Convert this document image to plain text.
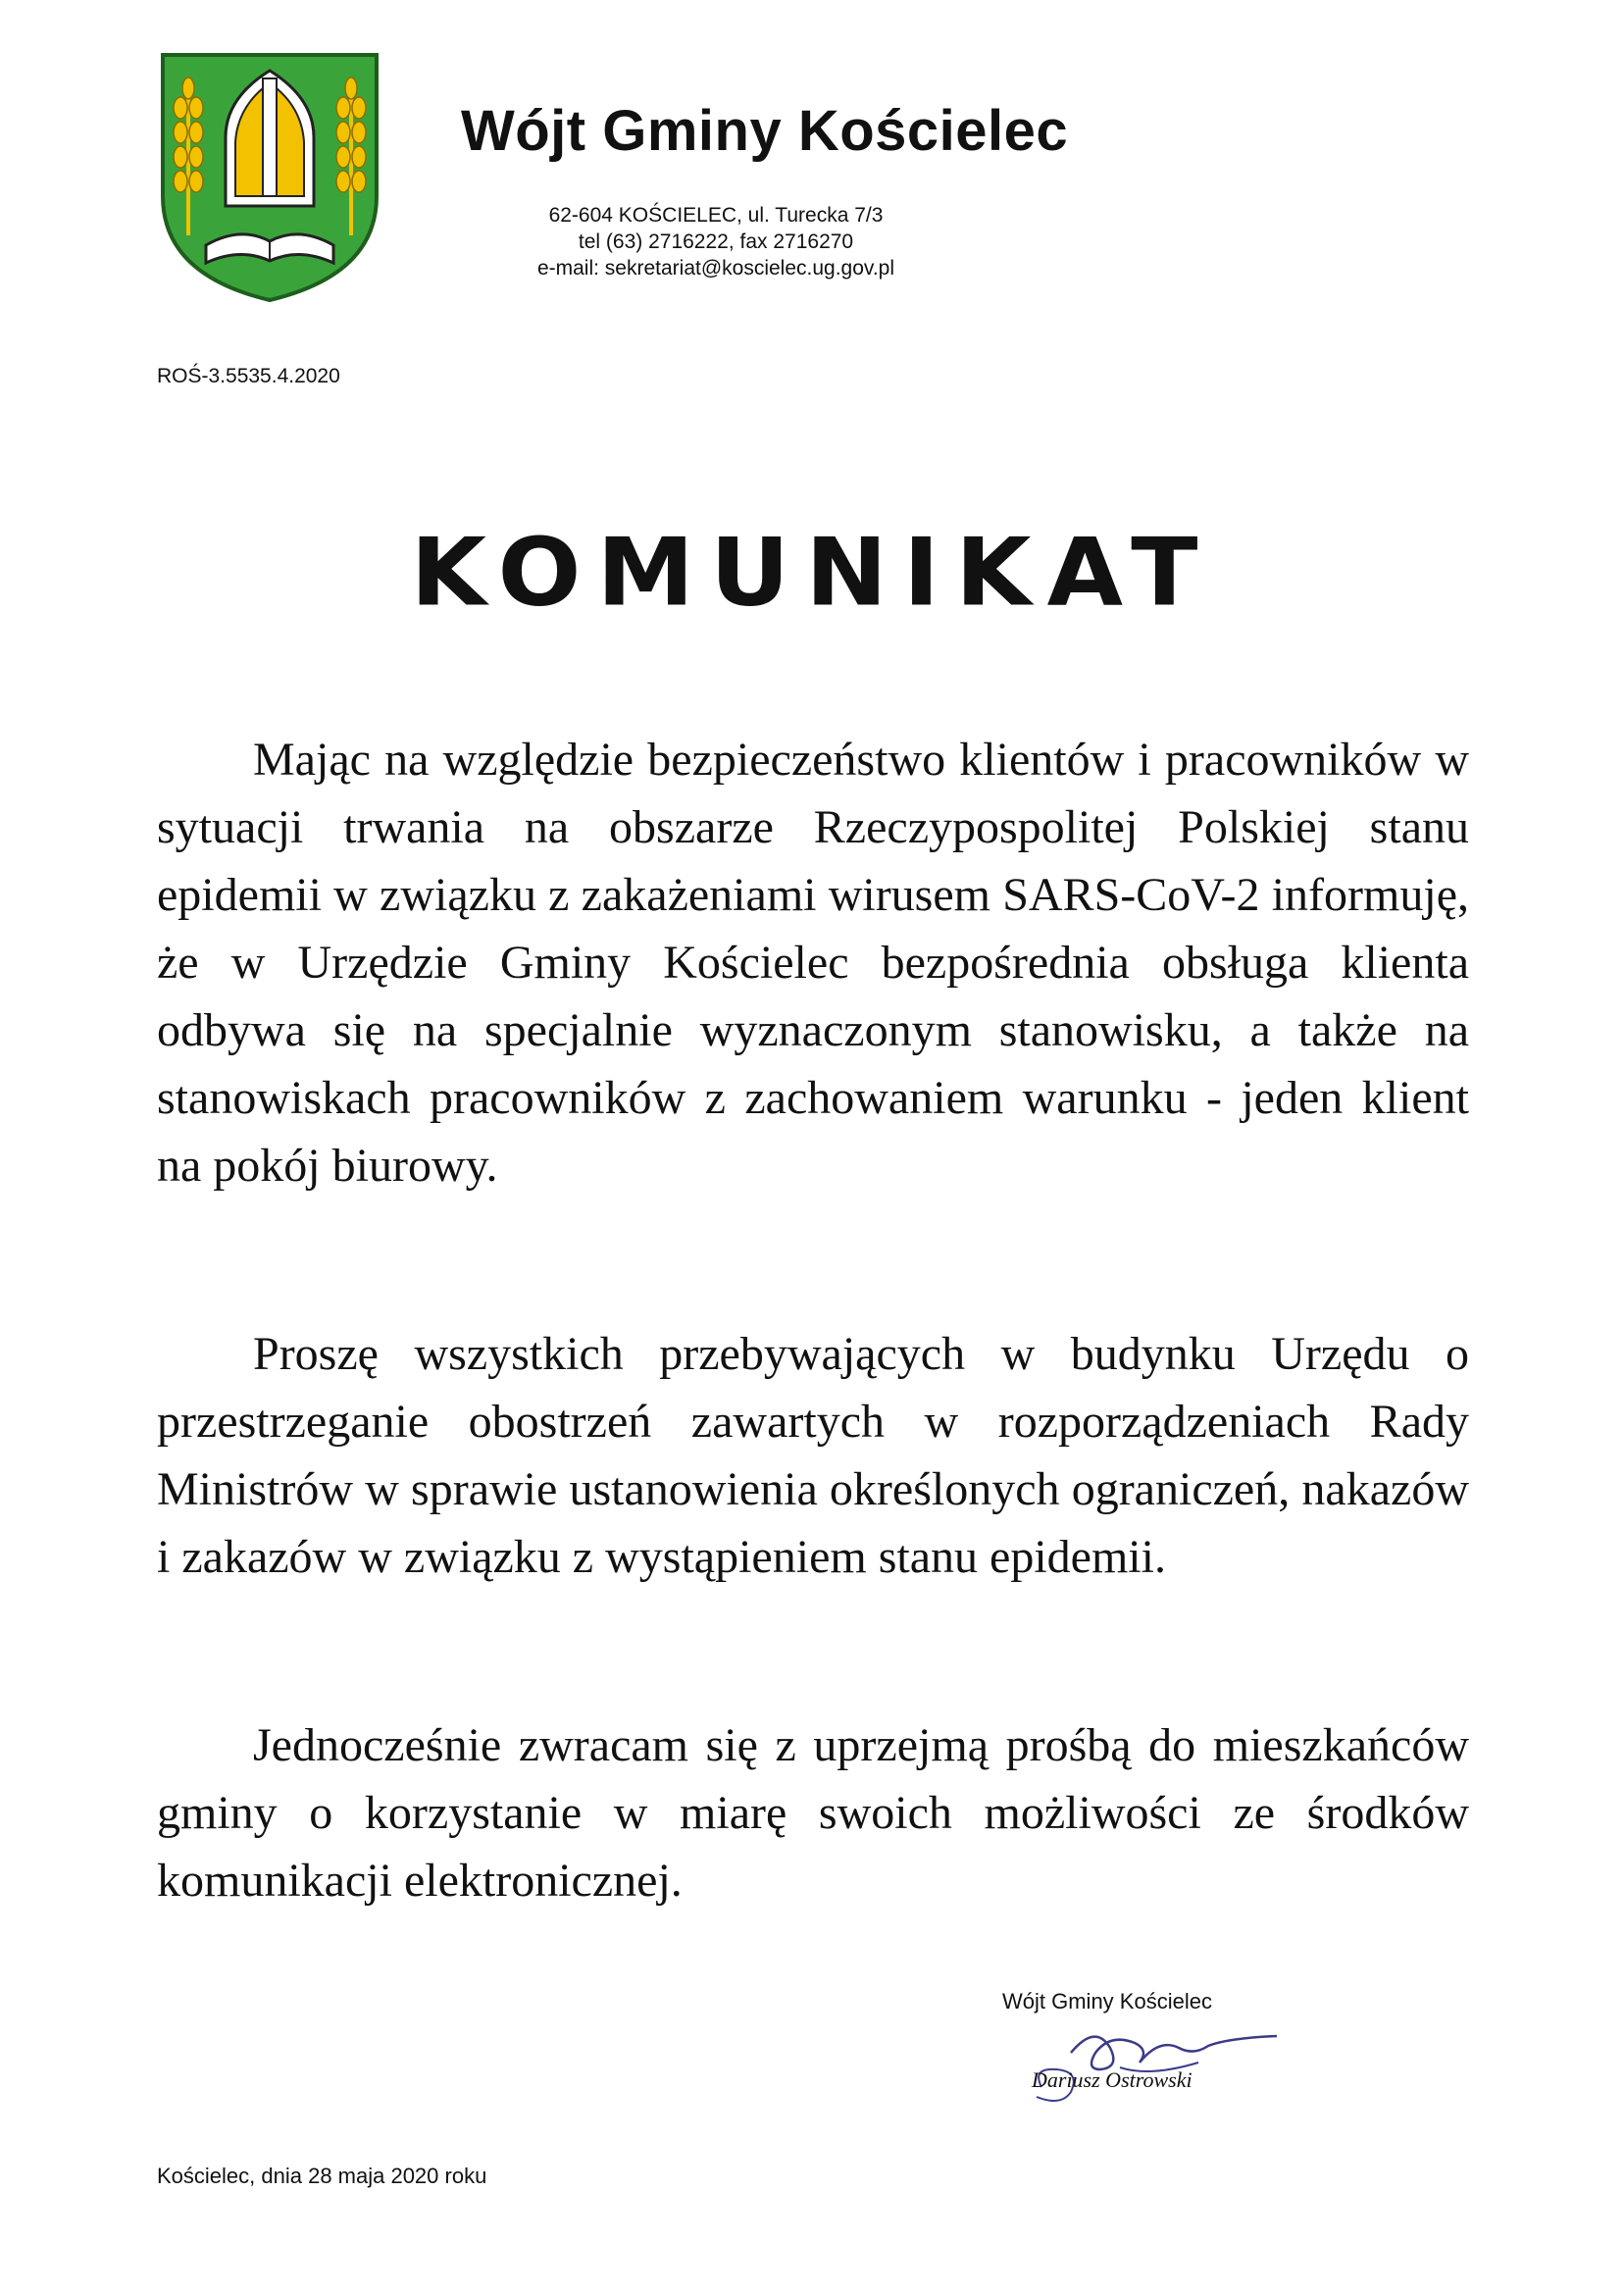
Wójt Gminy Kościelec
62-604 KOŚCIELEC, ul. Turecka 7/3
tel (63) 2716222, fax 2716270
e-mail: sekretariat@koscielec.ug.gov.pl
ROŚ-3.5535.4.2020
KOMUNIKAT

Mając na względzie bezpieczeństwo klientów i pracowników w sytuacji trwania na obszarze Rzeczypospolitej Polskiej stanu epidemii w związku z zakażeniami wirusem SARS-CoV-2 informuję, że w Urzędzie Gminy Kościelec bezpośrednia obsługa klienta odbywa się na specjalnie wyznaczonym stanowisku, a także na stanowiskach pracowników z zachowaniem warunku - jeden klient na pokój biurowy.

Proszę wszystkich przebywających w budynku Urzędu o przestrzeganie obostrzeń zawartych w rozporządzeniach Rady Ministrów w sprawie ustanowienia określonych ograniczeń, nakazów i zakazów w związku z wystąpieniem stanu epidemii.

Jednocześnie zwracam się z uprzejmą prośbą do mieszkańców gminy o korzystanie w miarę swoich możliwości ze środków komunikacji elektronicznej.

Wójt Gminy Kościelec
Dariusz Ostrowski
Kościelec, dnia 28 maja 2020 roku
